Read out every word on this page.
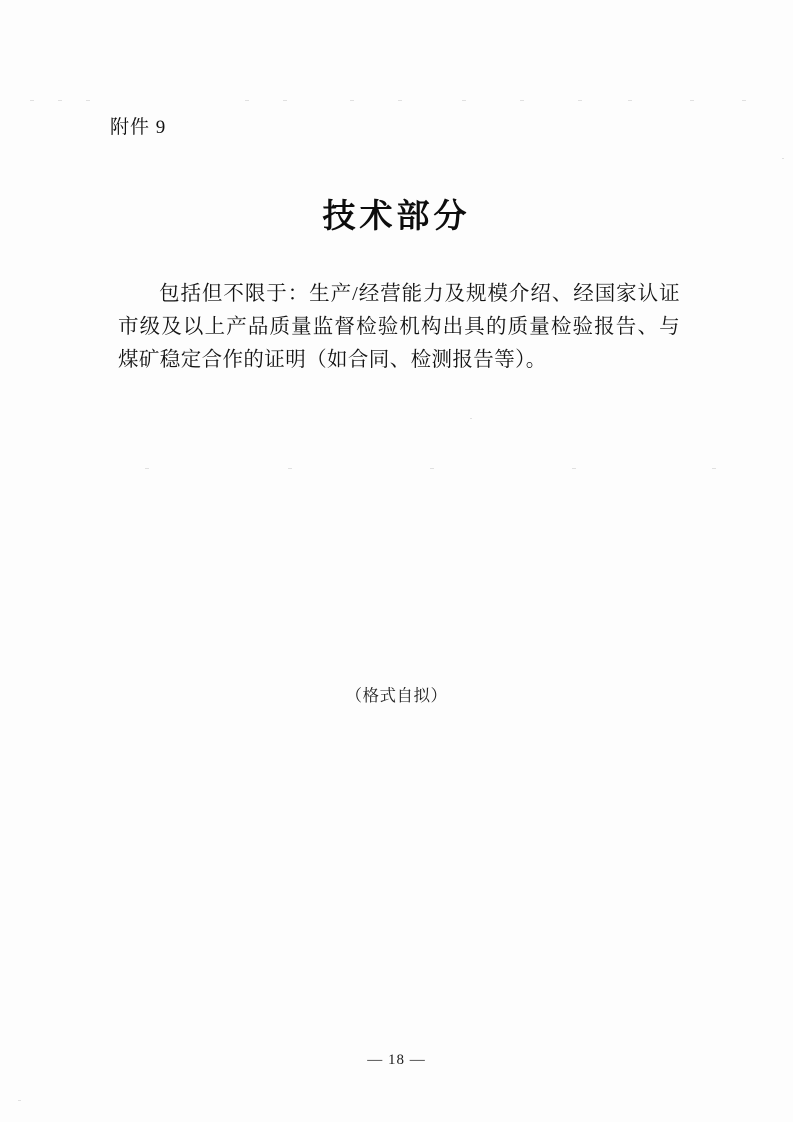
附件 9
技术部分

包括但不限于：生产/经营能力及规模介绍、经国家认证市级及以上产品质量监督检验机构出具的质量检验报告、与煤矿稳定合作的证明（如合同、检测报告等）。

（格式自拟）
— 18 —
